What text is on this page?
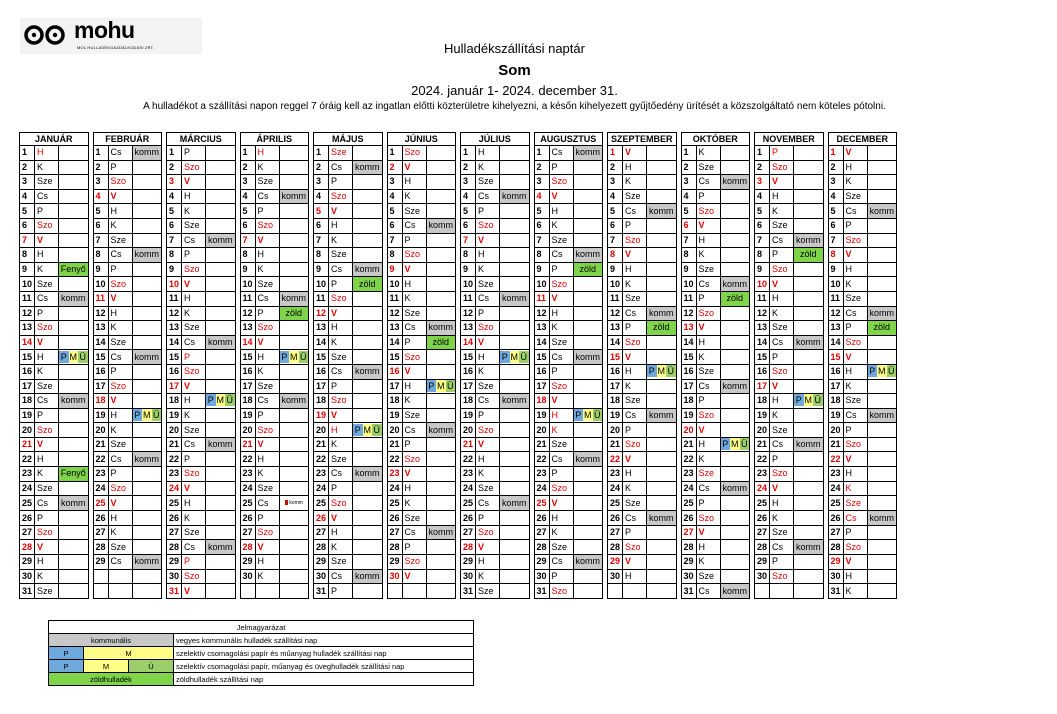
mohu
MOL HULLADÉKGAZDÁLKODÁSI ZRT.	Hulladékszállítási naptár
Som
2024. január 1- 2024. december 31.
A hulladékot a szállítási napon reggel 7 óráig kell az ingatlan előtti közterületre kihelyezni, a későn kihelyezett gyűjtőedény ürítését a közszolgáltató nem köteles pótolni.
JANUÁR				FEBRUÁR				MÁRCIUS				ÁPRILIS				MÁJUS				JÚNIUS				JÚLIUS				AUGUSZTUS				SZEPTEMBER				OKTÓBER				NOVEMBER				DECEMBER		
1	H			1	Cs	komm		1	P			1	H			1	Sze			1	Szo			1	H			1	Cs	komm		1	V			1	K			1	P			1	V	
2	K			2	P			2	Szo			2	K			2	Cs	komm		2	V			2	K			2	P			2	H			2	Sze			2	Szo			2	H	
3	Sze			3	Szo			3	V			3	Sze			3	P			3	H			3	Sze			3	Szo			3	K			3	Cs	komm		3	V			3	K	
4	Cs			4	V			4	H			4	Cs	komm		4	Szo			4	K			4	Cs	komm		4	V			4	Sze			4	P			4	H			4	Sze	
5	P			5	H			5	K			5	P			5	V			5	Sze			5	P			5	H			5	Cs	komm		5	Szo			5	K			5	Cs	komm
6	Szo			6	K			6	Sze			6	Szo			6	H			6	Cs	komm		6	Szo			6	K			6	P			6	V			6	Sze			6	P	
7	V			7	Sze			7	Cs	komm		7	V			7	K			7	P			7	V			7	Sze			7	Szo			7	H			7	Cs	komm		7	Szo	
8	H			8	Cs	komm		8	P			8	H			8	Sze			8	Szo			8	H			8	Cs	komm		8	V			8	K			8	P	zöld		8	V	
9	K	Fenyő		9	P			9	Szo			9	K			9	Cs	komm		9	V			9	K			9	P	zöld		9	H			9	Sze			9	Szo			9	H	
10	Sze			10	Szo			10	V			10	Sze			10	P	zöld		10	H			10	Sze			10	Szo			10	K			10	Cs	komm		10	V			10	K	
11	Cs	komm		11	V			11	H			11	Cs	komm		11	Szo			11	K			11	Cs	komm		11	V			11	Sze			11	P	zöld		11	H			11	Sze	
12	P			12	H			12	K			12	P	zöld		12	V			12	Sze			12	P			12	H			12	Cs	komm		12	Szo			12	K			12	Cs	komm
13	Szo			13	K			13	Sze			13	Szo			13	H			13	Cs	komm		13	Szo			13	K			13	P	zöld		13	V			13	Sze			13	P	zöld
14	V			14	Sze			14	Cs	komm		14	V			14	K			14	P	zöld		14	V			14	Sze			14	Szo			14	H			14	Cs	komm		14	Szo	
15	H	P M Ü		15	Cs	komm		15	P			15	H	P M Ü		15	Sze			15	Szo			15	H	P M Ü		15	Cs	komm		15	V			15	K			15	P			15	V	
16	K			16	P			16	Szo			16	K			16	Cs	komm		16	V			16	K			16	P			16	H	P M Ü		16	Sze			16	Szo			16	H	P M Ü
17	Sze			17	Szo			17	V			17	Sze			17	P			17	H	P M Ü		17	Sze			17	Szo			17	K			17	Cs	komm		17	V			17	K	
18	Cs	komm		18	V			18	H	P M Ü		18	Cs	komm		18	Szo			18	K			18	Cs	komm		18	V			18	Sze			18	P			18	H	P M Ü		18	Sze	
19	P			19	H	P M Ü		19	K			19	P			19	V			19	Sze			19	P			19	H	P M Ü		19	Cs	komm		19	Szo			19	K			19	Cs	komm
20	Szo			20	K			20	Sze			20	Szo			20	H	P M Ü		20	Cs	komm		20	Szo			20	K			20	P			20	V			20	Sze			20	P	
21	V			21	Sze			21	Cs	komm		21	V			21	K			21	P			21	V			21	Sze			21	Szo			21	H	P M Ü		21	Cs	komm		21	Szo	
22	H			22	Cs	komm		22	P			22	H			22	Sze			22	Szo			22	H			22	Cs	komm		22	V			22	K			22	P			22	V	
23	K	Fenyő		23	P			23	Szo			23	K			23	Cs	komm		23	V			23	K			23	P			23	H			23	Sze			23	Szo			23	H	
24	Sze			24	Szo			24	V			24	Sze			24	P			24	H			24	Sze			24	Szo			24	K			24	Cs	komm		24	V			24	K	
25	Cs	komm		25	V			25	H			25	Cs	komm		25	Szo			25	K			25	Cs	komm		25	V			25	Sze			25	P			25	H			25	Sze	
26	P			26	H			26	K			26	P			26	V			26	Sze			26	P			26	H			26	Cs	komm		26	Szo			26	K			26	Cs	komm
27	Szo			27	K			27	Sze			27	Szo			27	H			27	Cs	komm		27	Szo			27	K			27	P			27	V			27	Sze			27	P	
28	V			28	Sze			28	Cs	komm		28	V			28	K			28	P			28	V			28	Sze			28	Szo			28	H			28	Cs	komm		28	Szo	
29	H			29	Cs	komm		29	P			29	H			29	Sze			29	Szo			29	H			29	Cs	komm		29	V			29	K			29	P			29	V	
30	K							30	Szo			30	K			30	Cs	komm		30	V			30	K			30	P			30	H			30	Sze			30	Szo			30	H	
31	Sze							31	V							31	P							31	Sze			31	Szo							31	Cs	komm						31	K	
Jelmagyarázat			
kommunális			vegyes kommunális hulladék szállítási nap
P	M		szelektív csomagolási papír és műanyag hulladék szállítási nap
P	M	Ü	szelektív csomagolási papír, műanyag és üveghulladék szállítási nap
zöldhulladék			zöldhulladék szállítási nap
